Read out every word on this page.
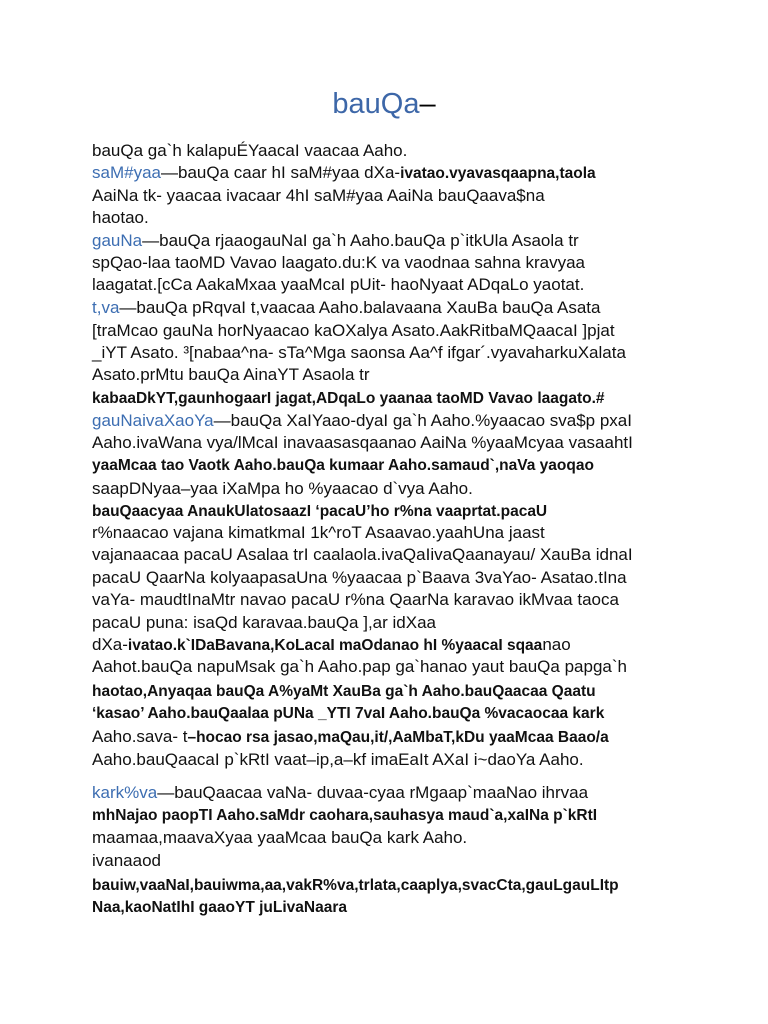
bauQa–

bauQa ga`h kalapuÉYaacaI vaacaa Aaho.

saM#yaa—bauQa caar hI saM#yaa dXa-ivatao.vyavasqaapna,taola

AaiNa tk- yaacaa ivacaar 4hI saM#yaa AaiNa bauQaava$na

haotao.

gauNa—bauQa rjaaogauNaI ga`h Aaho.bauQa p`itkUla Asaola tr

spQao-laa taoMD Vavao laagato.du:K va vaodnaa sahna kravyaa

laagatat.[cCa AakaMxaa yaaMcaI pUit- haoNyaat ADqaLo yaotat.

t,va—bauQa pRqvaI t,vaacaa Aaho.balavaana XauBa bauQa Asata

[traMcao gauNa horNyaacao kaOXalya Asato.AakRitbaMQaacaI ]pjat

_iYT Asato. ³[nabaa^na- sTa^Mga saonsa Aa^f ifgar´.vyavaharkuXalata

Asato.prMtu bauQa AinaYT Asaola tr

kabaaDkYT,gaunhogaarI jagat,ADqaLo yaanaa taoMD Vavao laagato.#

gauNaivaXaoYa—bauQa XaIYaao-dyaI ga`h Aaho.%yaacao sva$p pxaI

Aaho.ivaWana vya/lMcaI inavaasasqaanao AaiNa %yaaMcyaa vasaahtI

yaaMcaa tao Vaotk Aaho.bauQa kumaar Aaho.samaud`,naVa yaoqao

saapDNyaa–yaa iXaMpa ho %yaacao d`vya Aaho.

bauQaacyaa AnaukUlatosaazI ‘pacaU’ho r%na vaaprtat.pacaU

r%naacao vajana kimatkmaI 1k^roT Asaavao.yaahUna jaast

vajanaacaa pacaU Asalaa trI caalaola.ivaQaIivaQaanayau/ XauBa idnaI

pacaU QaarNa kolyaapasaUna %yaacaa p`Baava 3vaYao- Asatao.tIna

vaYa- maudtInaMtr navao pacaU r%na QaarNa karavao ikMvaa taoca

pacaU puna: isaQd karavaa.bauQa ],ar idXaa

dXa-ivatao.k`IDaBavana,KoLacaI maOdanao hI %yaacaI sqaanao

Aahot.bauQa napuMsak ga`h Aaho.pap ga`hanao yaut bauQa papga`h

haotao,Anyaqaa bauQa A%yaMt XauBa ga`h Aaho.bauQaacaa Qaatu

‘kasao’ Aaho.bauQaalaa pUNa _YTI 7vaI Aaho.bauQa %vacaocaa kark

Aaho.sava- t–hocao rsa jasao,maQau,it/,AaMbaT,kDu yaaMcaa Baao/a

Aaho.bauQaacaI p`kRtI vaat–ip,a–kf imaEaIt AXaI i~daoYa Aaho.

kark%va—bauQaacaa vaNa- duvaa-cyaa rMgaap`maaNao ihrvaa

mhNajao paopTI Aaho.saMdr caohara,sauhasya maud`a,xaINa p`kRtI

maamaa,maavaXyaa yaaMcaa bauQa kark Aaho.

ivanaaod

bauiw,vaaNaI,bauiwma,aa,vakR%va,trlata,caaplya,svacCta,gauLgauLItp

Naa,kaoNatIhI gaaoYT juLivaNaara
